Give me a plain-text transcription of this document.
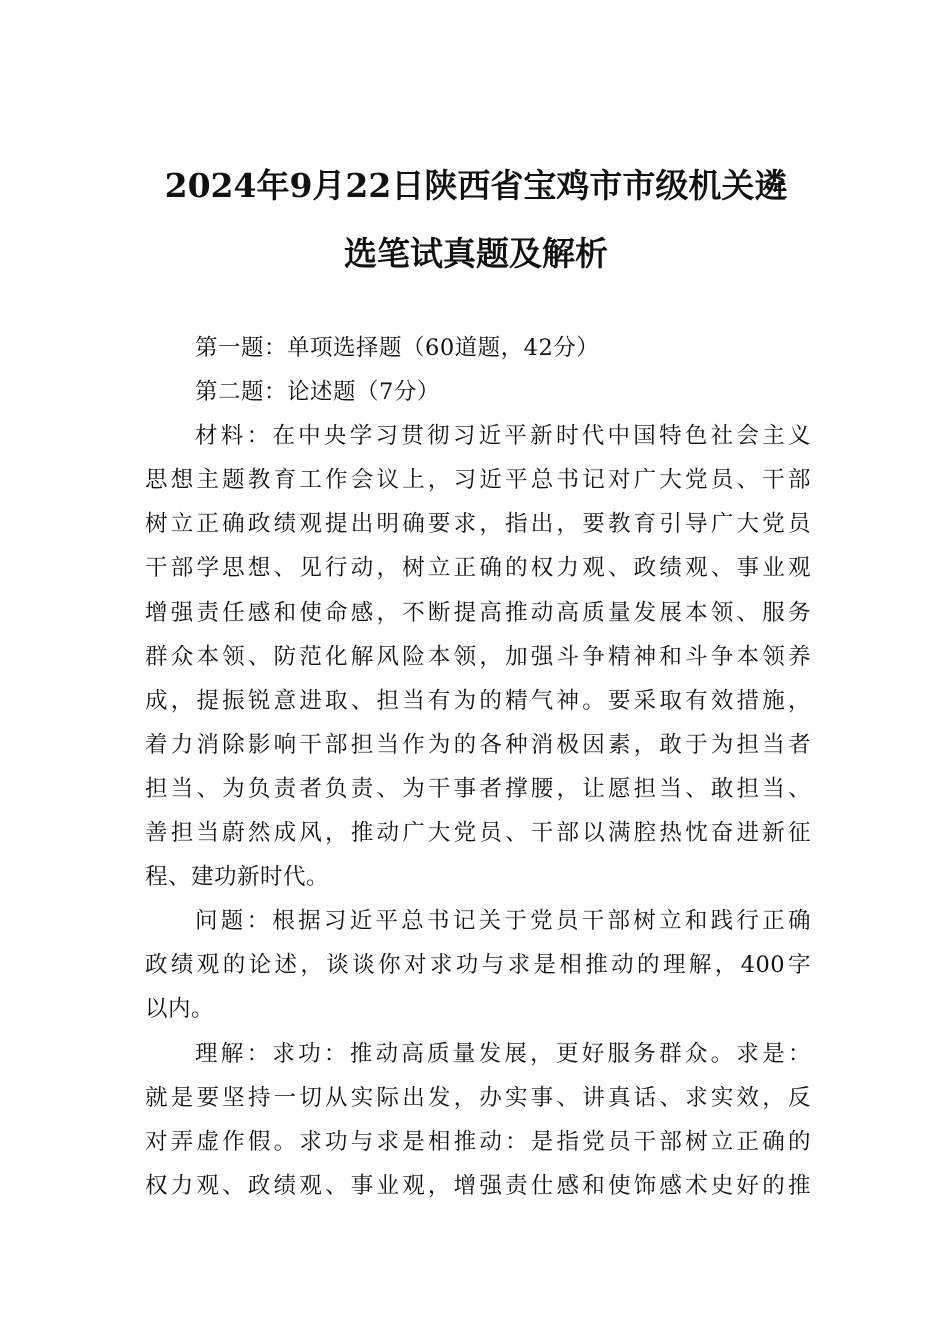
2024年9月22日陕西省宝鸡市市级机关遴
选笔试真题及解析
第一题：单项选择题（60道题，42分）
第二题：论述题（7分）
材料：在中央学习贯彻习近平新时代中国特色社会主义
思想主题教育工作会议上，习近平总书记对广大党员、干部
树立正确政绩观提出明确要求，指出，要教育引导广大党员
干部学思想、见行动，树立正确的权力观、政绩观、事业观
增强责任感和使命感，不断提高推动高质量发展本领、服务
群众本领、防范化解风险本领，加强斗争精神和斗争本领养
成，提振锐意进取、担当有为的精气神。要采取有效措施，
着力消除影响干部担当作为的各种消极因素，敢于为担当者
担当、为负责者负责、为干事者撑腰，让愿担当、敢担当、
善担当蔚然成风，推动广大党员、干部以满腔热忱奋进新征
程、建功新时代。
问题：根据习近平总书记关于党员干部树立和践行正确
政绩观的论述，谈谈你对求功与求是相推动的理解，400字
以内。
理解：求功：推动高质量发展，更好服务群众。求是：
就是要坚持一切从实际出发，办实事、讲真话、求实效，反
对弄虚作假。求功与求是相推动：是指党员干部树立正确的
权力观、政绩观、事业观，增强责仕感和使饰感术史好的推
